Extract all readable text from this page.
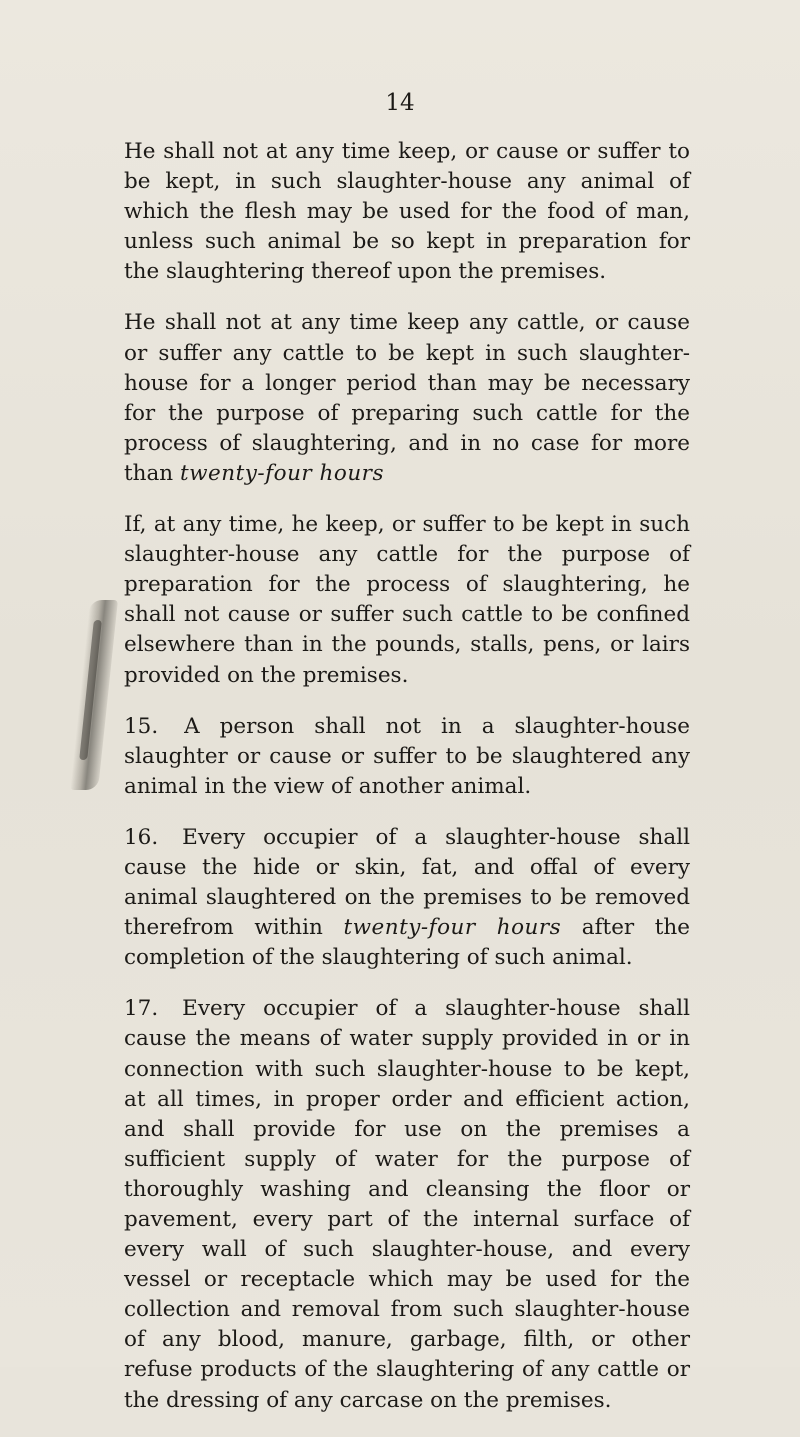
14

He shall not at any time keep, or cause or suffer to be kept, in such slaughter-house any animal of which the flesh may be used for the food of man, unless such animal be so kept in preparation for the slaughtering thereof upon the premises.

He shall not at any time keep any cattle, or cause or suffer any cattle to be kept in such slaughter-house for a longer period than may be necessary for the purpose of preparing such cattle for the process of slaughtering, and in no case for more than twenty-four hours

If, at any time, he keep, or suffer to be kept in such slaughter-house any cattle for the purpose of preparation for the process of slaughtering, he shall not cause or suffer such cattle to be confined elsewhere than in the pounds, stalls, pens, or lairs provided on the premises.

15. A person shall not in a slaughter-house slaughter or cause or suffer to be slaughtered any animal in the view of another animal.

16. Every occupier of a slaughter-house shall cause the hide or skin, fat, and offal of every animal slaughtered on the premises to be removed therefrom within twenty-four hours after the completion of the slaughtering of such animal.

17. Every occupier of a slaughter-house shall cause the means of water supply provided in or in connection with such slaughter-house to be kept, at all times, in proper order and efficient action, and shall provide for use on the premises a sufficient supply of water for the purpose of thoroughly washing and cleansing the floor or pavement, every part of the internal surface of every wall of such slaughter-house, and every vessel or receptacle which may be used for the collection and removal from such slaughter-house of any blood, manure, garbage, filth, or other refuse products of the slaughtering of any cattle or the dressing of any carcase on the premises.
